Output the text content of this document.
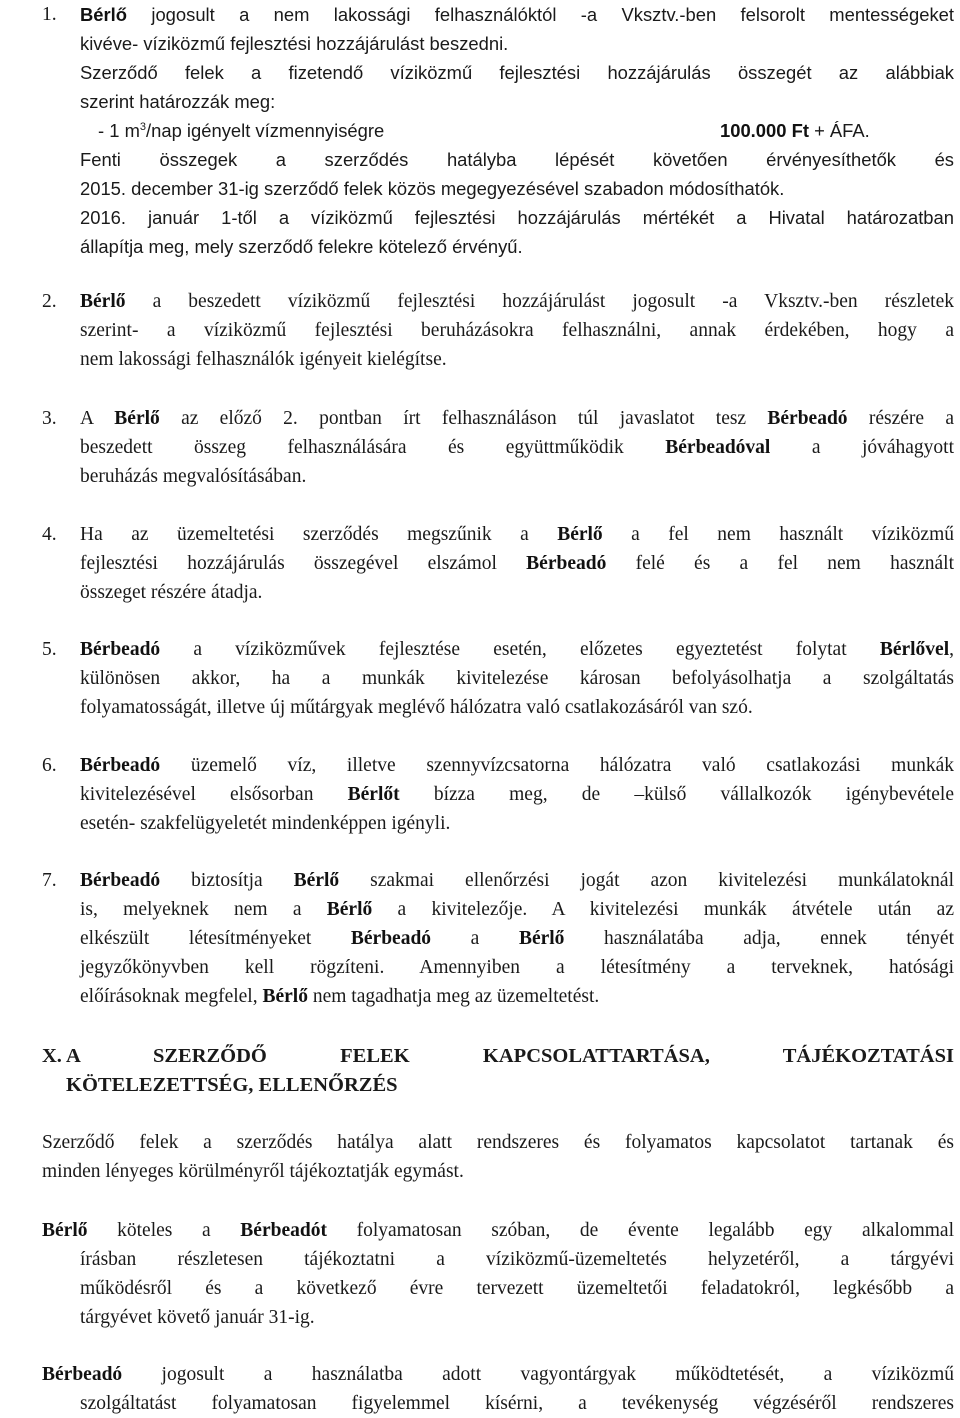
1. Bérlő jogosult a nem lakossági felhasználóktól -a Vksztv.-ben felsorolt mentességeket
kivéve- víziközmű fejlesztési hozzájárulást beszedni.
Szerződő felek a fizetendő víziközmű fejlesztési hozzájárulás összegét az alábbiak
szerint határozzák meg:
- 1 $m^3$/nap igényelt vízmennyiségre	100.000 Ft + ÁFA.
Fenti összegek a szerződés hatályba lépését követően érvényesíthetők és
2015. december 31-ig szerződő felek közös megegyezésével szabadon módosíthatók.
2016. január 1-től a víziközmű fejlesztési hozzájárulás mértékét a Hivatal határozatban
állapítja meg, mely szerződő felekre kötelező érvényű.
2. Bérlő a beszedett víziközmű fejlesztési hozzájárulást jogosult -a Vksztv.-ben részletek
szerint- a víziközmű fejlesztési beruházásokra felhasználni, annak érdekében, hogy a
nem lakossági felhasználók igényeit kielégítse.
3. A Bérlő az előző 2. pontban írt felhasználáson túl javaslatot tesz Bérbeadó részére a
beszedett összeg felhasználására és együttműködik Bérbeadóval a jóváhagyott
beruházás megvalósításában.
4. Ha az üzemeltetési szerződés megszűnik a Bérlő a fel nem használt víziközmű
fejlesztési hozzájárulás összegével elszámol Bérbeadó felé és a fel nem használt
összeget részére átadja.
5. Bérbeadó a víziközművek fejlesztése esetén, előzetes egyeztetést folytat Bérlővel,
különösen akkor, ha a munkák kivitelezése károsan befolyásolhatja a szolgáltatás
folyamatosságát, illetve új műtárgyak meglévő hálózatra való csatlakozásáról van szó.
6. Bérbeadó üzemelő víz, illetve szennyvízcsatorna hálózatra való csatlakozási munkák
kivitelezésével elsősorban Bérlőt bízza meg, de –külső vállalkozók igénybevétele
esetén- szakfelügyeletét mindenképpen igényli.
7. Bérbeadó biztosítja Bérlő szakmai ellenőrzési jogát azon kivitelezési munkálatoknál
is, melyeknek nem a Bérlő a kivitelezője. A kivitelezési munkák átvétele után az
elkészült létesítményeket Bérbeadó a Bérlő használatába adja, ennek tényét
jegyzőkönyvben kell rögzíteni. Amennyiben a létesítmény a terveknek, hatósági
előírásoknak megfelel, Bérlő nem tagadhatja meg az üzemeltetést.
X. A SZERZŐDŐ FELEK KAPCSOLATTARTÁSA, TÁJÉKOZTATÁSI
KÖTELEZETTSÉG, ELLENŐRZÉS
Szerződő felek a szerződés hatálya alatt rendszeres és folyamatos kapcsolatot tartanak és
minden lényeges körülményről tájékoztatják egymást.
Bérlő köteles a Bérbeadót folyamatosan szóban, de évente legalább egy alkalommal
írásban részletesen tájékoztatni a víziközmű-üzemeltetés helyzetéről, a tárgyévi
működésről és a következő évre tervezett üzemeltetői feladatokról, legkésőbb a
tárgyévet követő január 31-ig.
Bérbeadó jogosult a használatba adott vagyontárgyak működtetését, a víziközmű
szolgáltatást folyamatosan figyelemmel kísérni, a tevékenység végzéséről rendszeres
